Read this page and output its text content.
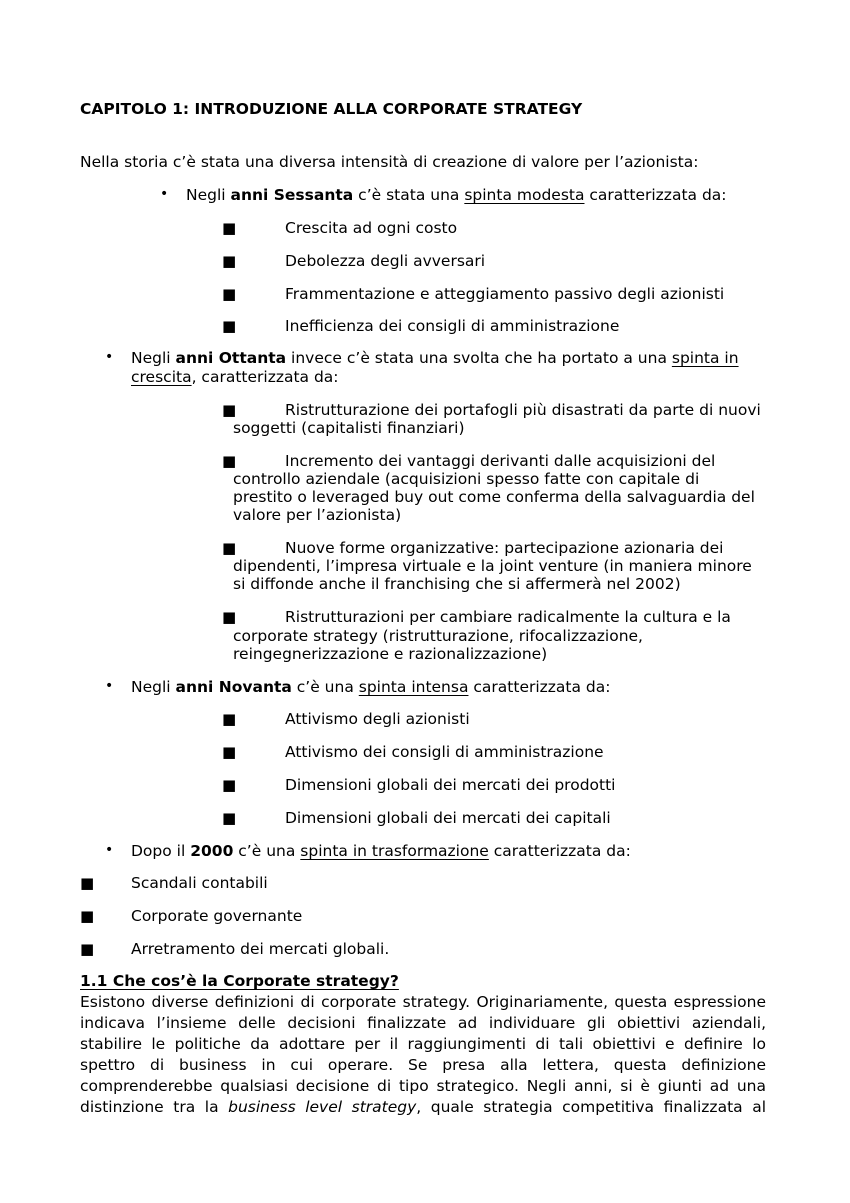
CAPITOLO 1: INTRODUZIONE ALLA CORPORATE STRATEGY
Nella storia c’è stata una diversa intensità di creazione di valore per l’azionista:
• Negli anni Sessanta c’è stata una spinta modesta caratterizzata da:
■	Crescita ad ogni costo
■	Debolezza degli avversari
■	Frammentazione e atteggiamento passivo degli azionisti
■	Inefficienza dei consigli di amministrazione
• Negli anni Ottanta invece c’è stata una svolta che ha portato a una spinta in
crescita, caratterizzata da:
■	Ristrutturazione dei portafogli più disastrati da parte di nuovi
soggetti (capitalisti finanziari)
■	Incremento dei vantaggi derivanti dalle acquisizioni del
controllo aziendale (acquisizioni spesso fatte con capitale di
prestito o leveraged buy out come conferma della salvaguardia del
valore per l’azionista)
■	Nuove forme organizzative: partecipazione azionaria dei
dipendenti, l’impresa virtuale e la joint venture (in maniera minore
si diffonde anche il franchising che si affermerà nel 2002)
■	Ristrutturazioni per cambiare radicalmente la cultura e la
corporate strategy (ristrutturazione, rifocalizzazione,
reingegnerizzazione e razionalizzazione)
• Negli anni Novanta c’è una spinta intensa caratterizzata da:
■	Attivismo degli azionisti
■	Attivismo dei consigli di amministrazione
■	Dimensioni globali dei mercati dei prodotti
■	Dimensioni globali dei mercati dei capitali
• Dopo il 2000 c’è una spinta in trasformazione caratterizzata da:
■ Scandali contabili
■ Corporate governante
■ Arretramento dei mercati globali.
1.1 Che cos’è la Corporate strategy?
Esistono diverse definizioni di corporate strategy. Originariamente, questa espressione
indicava l’insieme delle decisioni finalizzate ad individuare gli obiettivi aziendali,
stabilire le politiche da adottare per il raggiungimenti di tali obiettivi e definire lo
spettro di business in cui operare. Se presa alla lettera, questa definizione
comprenderebbe qualsiasi decisione di tipo strategico. Negli anni, si è giunti ad una
distinzione tra la business level strategy, quale strategia competitiva finalizzata al
